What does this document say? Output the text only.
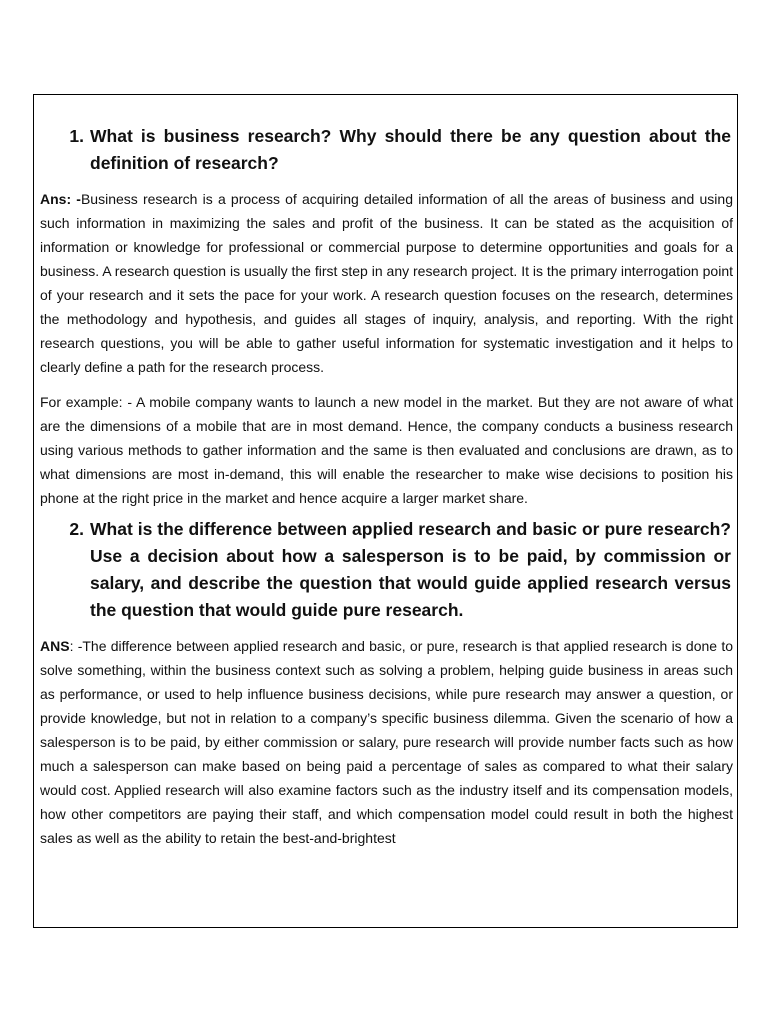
1. What is business research? Why should there be any question about the definition of research?

Ans: -Business research is a process of acquiring detailed information of all the areas of business and using such information in maximizing the sales and profit of the business. It can be stated as the acquisition of information or knowledge for professional or commercial purpose to determine opportunities and goals for a business. A research question is usually the first step in any research project. It is the primary interrogation point of your research and it sets the pace for your work. A research question focuses on the research, determines the methodology and hypothesis, and guides all stages of inquiry, analysis, and reporting. With the right research questions, you will be able to gather useful information for systematic investigation and it helps to clearly define a path for the research process.

For example: - A mobile company wants to launch a new model in the market. But they are not aware of what are the dimensions of a mobile that are in most demand. Hence, the company conducts a business research using various methods to gather information and the same is then evaluated and conclusions are drawn, as to what dimensions are most in-demand, this will enable the researcher to make wise decisions to position his phone at the right price in the market and hence acquire a larger market share.

2. What is the difference between applied research and basic or pure research? Use a decision about how a salesperson is to be paid, by commission or salary, and describe the question that would guide applied research versus the question that would guide pure research.

ANS: -The difference between applied research and basic, or pure, research is that applied research is done to solve something, within the business context such as solving a problem, helping guide business in areas such as performance, or used to help influence business decisions, while pure research may answer a question, or provide knowledge, but not in relation to a company’s specific business dilemma. Given the scenario of how a salesperson is to be paid, by either commission or salary, pure research will provide number facts such as how much a salesperson can make based on being paid a percentage of sales as compared to what their salary would cost. Applied research will also examine factors such as the industry itself and its compensation models, how other competitors are paying their staff, and which compensation model could result in both the highest sales as well as the ability to retain the best-and-brightest
